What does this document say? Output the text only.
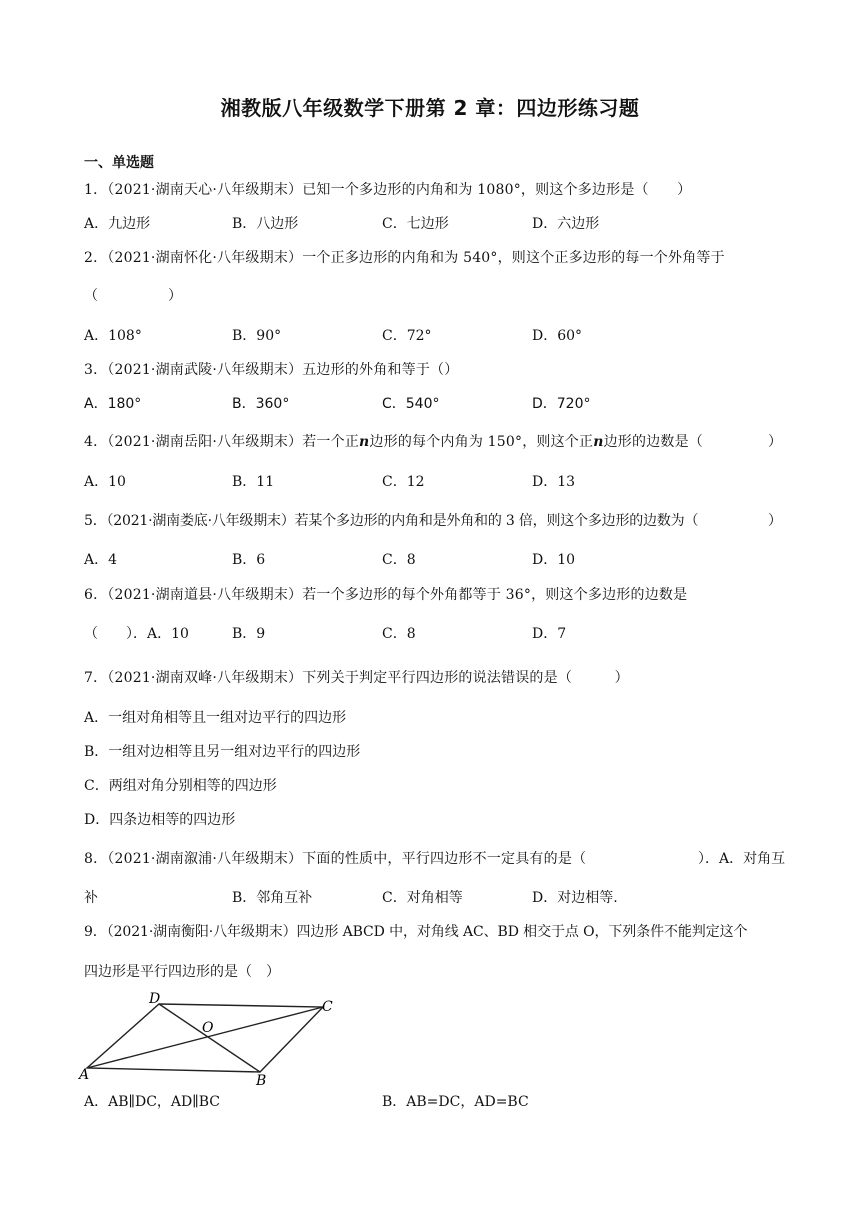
湘教版八年级数学下册第 2 章：四边形练习题
一、单选题
1．（2021·湖南天心·八年级期末）已知一个多边形的内角和为 1080°，则这个多边形是（　　）
A．九边形	B．八边形	C．七边形	D．六边形
2．（2021·湖南怀化·八年级期末）一个正多边形的内角和为 540°，则这个正多边形的每一个外角等于
（　　　　　）
A．108°	B．90°	C．72°	D．60°
3．（2021·湖南武陵·八年级期末）五边形的外角和等于（）
A．180°	B．360°	C．540°	D．720°
4．（2021·湖南岳阳·八年级期末）若一个正n边形的每个内角为 150°，则这个正n边形的边数是（	）
A．10	B．11	C．12	D．13
5．（2021·湖南娄底·八年级期末）若某个多边形的内角和是外角和的 3 倍，则这个多边形的边数为（	）
A．4	B．6	C．8	D．10
6．（2021·湖南道县·八年级期末）若一个多边形的每个外角都等于 36°，则这个多边形的边数是
（　　）．A．10	B．9	C．8	D．7
7．（2021·湖南双峰·八年级期末）下列关于判定平行四边形的说法错误的是（　　　）
A．一组对角相等且一组对边平行的四边形
B．一组对边相等且另一组对边平行的四边形
C．两组对角分别相等的四边形
D．四条边相等的四边形
8．（2021·湖南溆浦·八年级期末）下面的性质中，平行四边形不一定具有的是（	）．A．对角互
补	B．邻角互补	C．对角相等	D．对边相等.
9．（2021·湖南衡阳·八年级期末）四边形 ABCD 中，对角线 AC、BD 相交于点 O，下列条件不能判定这个
四边形是平行四边形的是（　）
D	C
O
A	B
A．AB∥DC，AD∥BC	B．AB=DC，AD=BC
